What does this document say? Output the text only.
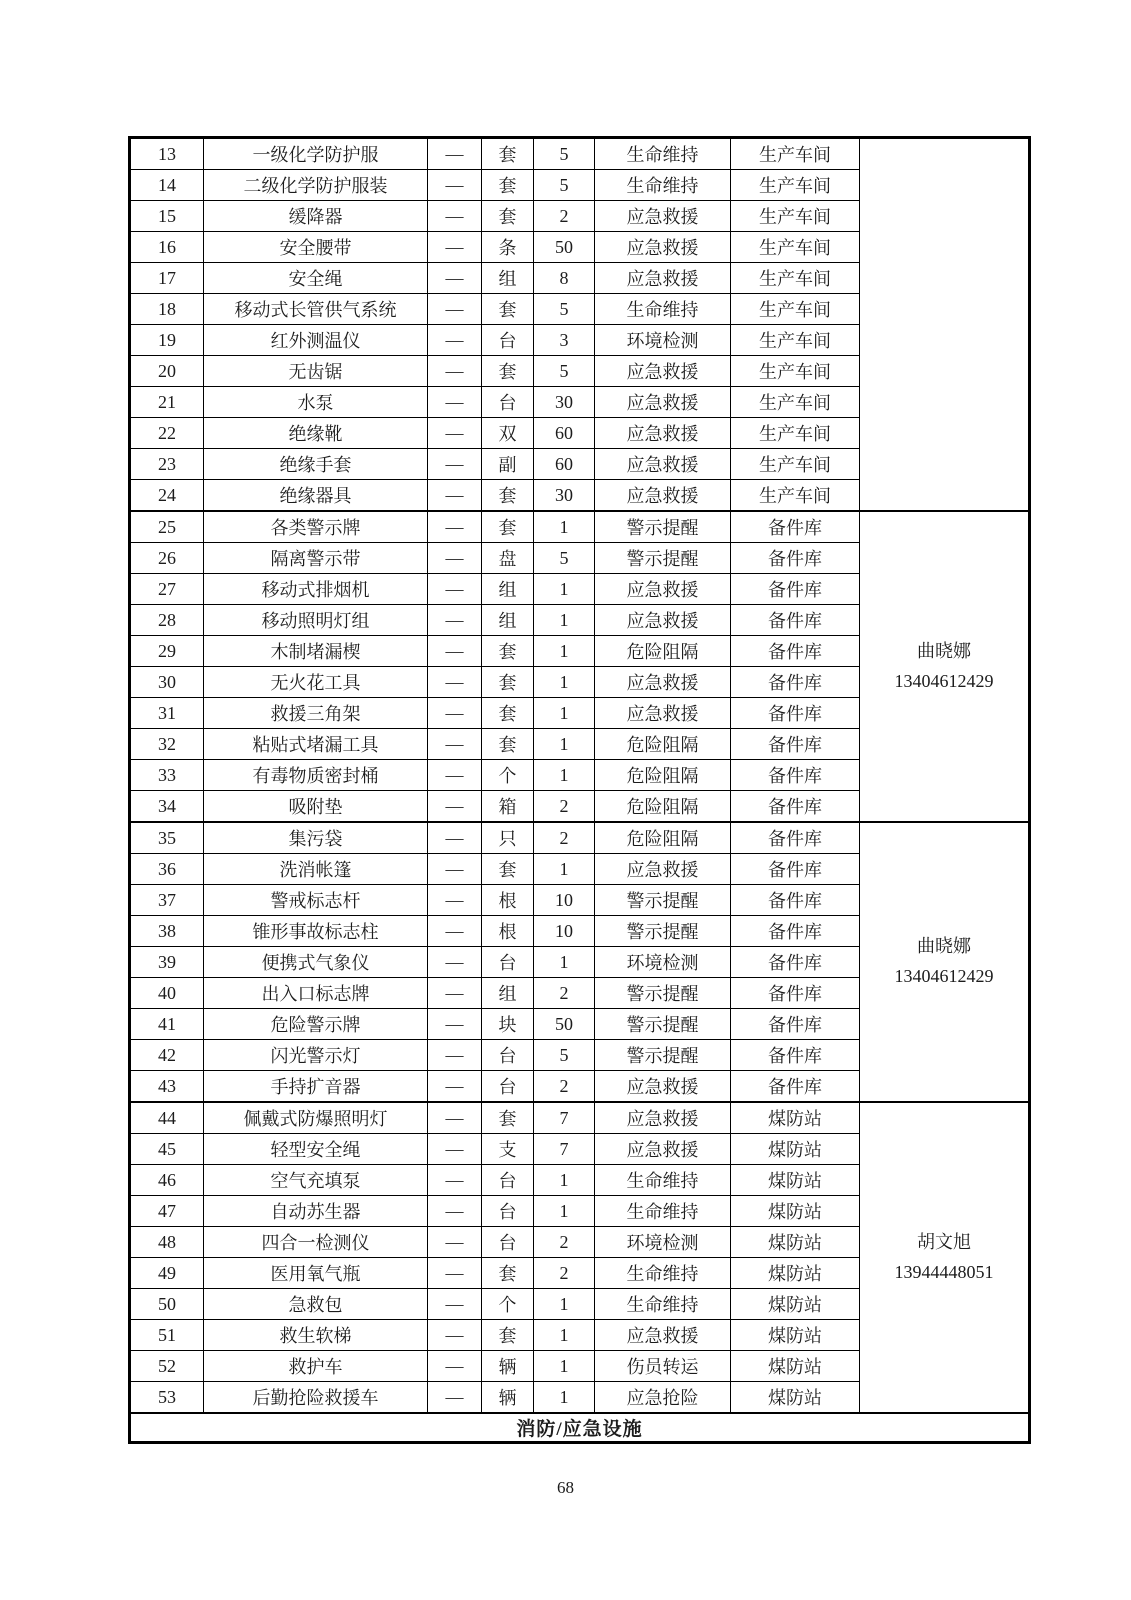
13	一级化学防护服	—	套	5	生命维持	生产车间	

14	二级化学防护服装	—	套	5	生命维持	生产车间	
15	缓降器	—	套	2	应急救援	生产车间	
16	安全腰带	—	条	50	应急救援	生产车间	
17	安全绳	—	组	8	应急救援	生产车间	
18	移动式长管供气系统	—	套	5	生命维持	生产车间	
19	红外测温仪	—	台	3	环境检测	生产车间	
20	无齿锯	—	套	5	应急救援	生产车间	
21	水泵	—	台	30	应急救援	生产车间	
22	绝缘靴	—	双	60	应急救援	生产车间	
23	绝缘手套	—	副	60	应急救援	生产车间	
24	绝缘器具	—	套	30	应急救援	生产车间	
25	各类警示牌	—	套	1	警示提醒	备件库	曲晓娜
13404612429

26	隔离警示带	—	盘	5	警示提醒	备件库	
27	移动式排烟机	—	组	1	应急救援	备件库	
28	移动照明灯组	—	组	1	应急救援	备件库	
29	木制堵漏楔	—	套	1	危险阻隔	备件库	
30	无火花工具	—	套	1	应急救援	备件库	
31	救援三角架	—	套	1	应急救援	备件库	
32	粘贴式堵漏工具	—	套	1	危险阻隔	备件库	
33	有毒物质密封桶	—	个	1	危险阻隔	备件库	
34	吸附垫	—	箱	2	危险阻隔	备件库	
35	集污袋	—	只	2	危险阻隔	备件库	曲晓娜
13404612429

36	洗消帐篷	—	套	1	应急救援	备件库	
37	警戒标志杆	—	根	10	警示提醒	备件库	
38	锥形事故标志柱	—	根	10	警示提醒	备件库	
39	便携式气象仪	—	台	1	环境检测	备件库	
40	出入口标志牌	—	组	2	警示提醒	备件库	
41	危险警示牌	—	块	50	警示提醒	备件库	
42	闪光警示灯	—	台	5	警示提醒	备件库	
43	手持扩音器	—	台	2	应急救援	备件库	
44	佩戴式防爆照明灯	—	套	7	应急救援	煤防站	胡文旭
13944448051

45	轻型安全绳	—	支	7	应急救援	煤防站	
46	空气充填泵	—	台	1	生命维持	煤防站	
47	自动苏生器	—	台	1	生命维持	煤防站	
48	四合一检测仪	—	台	2	环境检测	煤防站	
49	医用氧气瓶	—	套	2	生命维持	煤防站	
50	急救包	—	个	1	生命维持	煤防站	
51	救生软梯	—	套	1	应急救援	煤防站	
52	救护车	—	辆	1	伤员转运	煤防站	
53	后勤抢险救援车	—	辆	1	应急抢险	煤防站	
消防/应急设施							
68
